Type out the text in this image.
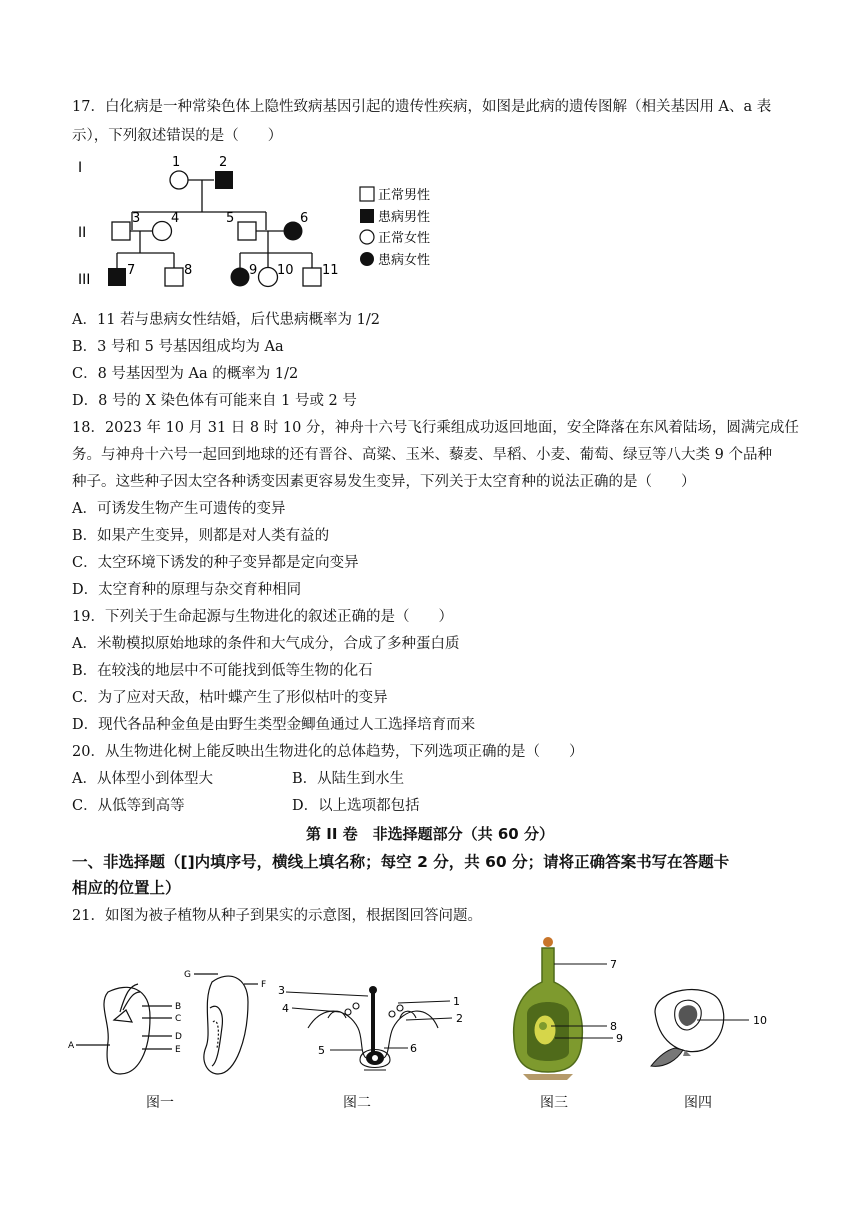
17．白化病是一种常染色体上隐性致病基因引起的遗传性疾病，如图是此病的遗传图解（相关基因用 A、a 表
示），下列叙述错误的是（　　）
I
II
III
1	2
3 4	5	6
7	8	9 10 11
正常男性
患病男性
正常女性
患病女性
A．11 若与患病女性结婚，后代患病概率为 1/2
B．3 号和 5 号基因组成均为 Aa
C．8 号基因型为 Aa 的概率为 1/2
D．8 号的 X 染色体有可能来自 1 号或 2 号
18．2023 年 10 月 31 日 8 时 10 分，神舟十六号飞行乘组成功返回地面，安全降落在东风着陆场，圆满完成任
务。与神舟十六号一起回到地球的还有晋谷、高粱、玉米、藜麦、旱稻、小麦、葡萄、绿豆等八大类 9 个品种
种子。这些种子因太空各种诱变因素更容易发生变异，下列关于太空育种的说法正确的是（　　）
A．可诱发生物产生可遗传的变异
B．如果产生变异，则都是对人类有益的
C．太空环境下诱发的种子变异都是定向变异
D．太空育种的原理与杂交育种相同
19．下列关于生命起源与生物进化的叙述正确的是（　　）
A．米勒模拟原始地球的条件和大气成分，合成了多种蛋白质
B．在较浅的地层中不可能找到低等生物的化石
C．为了应对天敌，枯叶蝶产生了形似枯叶的变异
D．现代各品种金鱼是由野生类型金鲫鱼通过人工选择培育而来
20．从生物进化树上能反映出生物进化的总体趋势，下列选项正确的是（　　）
A．从体型小到体型大	B．从陆生到水生
C．从低等到高等	D．以上选项都包括
第 II 卷　非选择题部分（共 60 分）
一、非选择题（[]内填序号，横线上填名称；每空 2 分，共 60 分；请将正确答案书写在答题卡
相应的位置上）
21．如图为被子植物从种子到果实的示意图，根据图回答问题。
A
B
C
D
E
G
F 3
4
5
1
2
6
7
8
9
10
图一	图二	图三	图四
